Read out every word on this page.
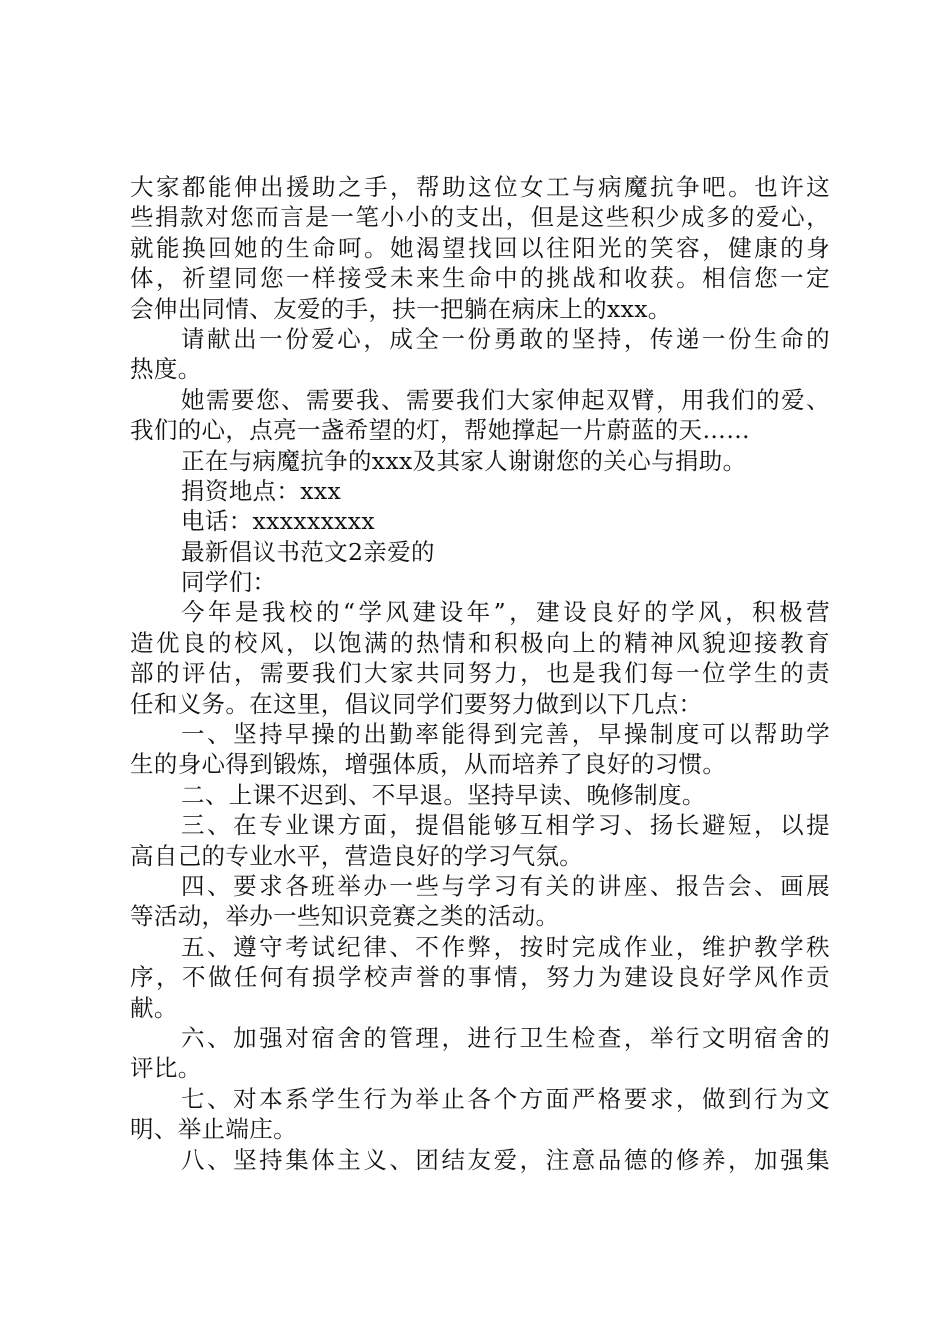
大家都能伸出援助之手，帮助这位女工与病魔抗争吧。也许这
些捐款对您而言是一笔小小的支出，但是这些积少成多的爱心，
就能换回她的生命呵。她渴望找回以往阳光的笑容，健康的身
体，祈望同您一样接受未来生命中的挑战和收获。相信您一定
会伸出同情、友爱的手，扶一把躺在病床上的xxx。
请献出一份爱心，成全一份勇敢的坚持，传递一份生命的
热度。
她需要您、需要我、需要我们大家伸起双臂，用我们的爱、
我们的心，点亮一盏希望的灯，帮她撑起一片蔚蓝的天……
正在与病魔抗争的xxx及其家人谢谢您的关心与捐助。
捐资地点：xxx
电话：xxxxxxxxx
最新倡议书范文2亲爱的
同学们：
今年是我校的“学风建设年”，建设良好的学风，积极营
造优良的校风，以饱满的热情和积极向上的精神风貌迎接教育
部的评估，需要我们大家共同努力，也是我们每一位学生的责
任和义务。在这里，倡议同学们要努力做到以下几点：
一、坚持早操的出勤率能得到完善，早操制度可以帮助学
生的身心得到锻炼，增强体质，从而培养了良好的习惯。
二、上课不迟到、不早退。坚持早读、晚修制度。
三、在专业课方面，提倡能够互相学习、扬长避短，以提
高自己的专业水平，营造良好的学习气氛。
四、要求各班举办一些与学习有关的讲座、报告会、画展
等活动，举办一些知识竞赛之类的活动。
五、遵守考试纪律、不作弊，按时完成作业，维护教学秩
序，不做任何有损学校声誉的事情，努力为建设良好学风作贡
献。
六、加强对宿舍的管理，进行卫生检查，举行文明宿舍的
评比。
七、对本系学生行为举止各个方面严格要求，做到行为文
明、举止端庄。
八、坚持集体主义、团结友爱，注意品德的修养，加强集
